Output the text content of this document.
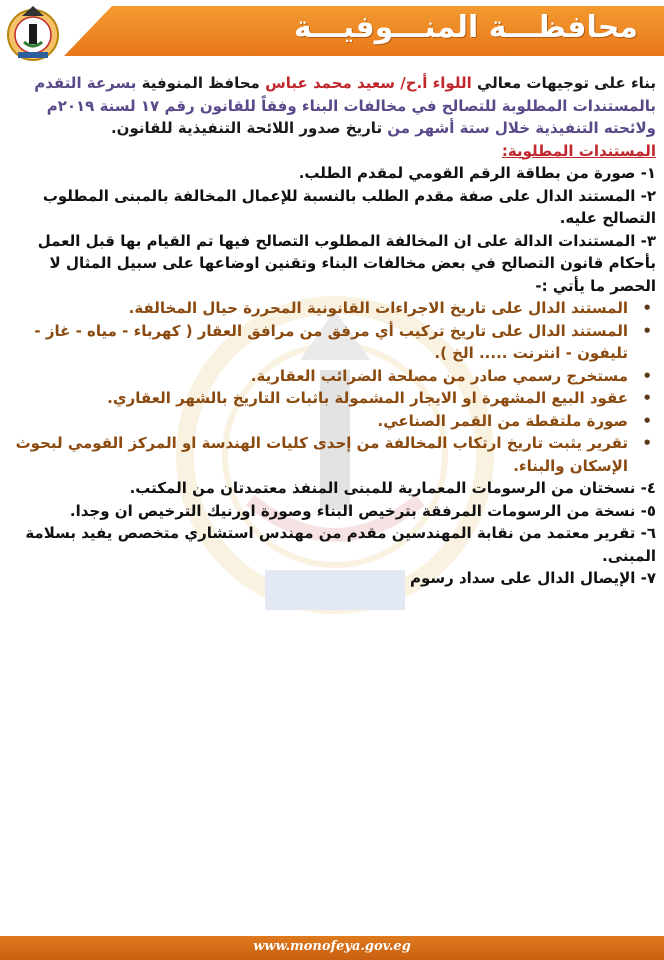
محافظـــة المنـــوفيـــة

بناء على توجيهات معالي اللواء أ.ح/ سعيد محمد عباس محافظ المنوفية بسرعة التقدم بالمستندات المطلوبة للتصالح في مخالفات البناء وفقاً للقانون رقم ١٧ لسنة ٢٠١٩م ولائحته التنفيذية خلال ستة أشهر من تاريخ صدور اللائحة التنفيذية للقانون.

المستندات المطلوبة:

١- صورة من بطاقة الرقم القومي لمقدم الطلب.

٢- المستند الدال على صفة مقدم الطلب بالنسبة للإعمال المخالفة بالمبنى المطلوب التصالح عليه.

٣- المستندات الدالة على ان المخالفة المطلوب التصالح فيها تم القيام بها قبل العمل بأحكام قانون التصالح في بعض مخالفات البناء وتقنين اوضاعها على سبيل المثال لا الحصر ما يأتي :-

• المستند الدال على تاريخ الاجراءات القانونية المحررة حيال المخالفة.
• المستند الدال على تاريخ تركيب أي مرفق من مرافق العقار ( كهرباء - مياه - غاز - تليفون - انترنت ..... الخ ).
• مستخرج رسمي صادر من مصلحة الضرائب العقارية.
• عقود البيع المشهرة او الايجار المشمولة باثبات التاريخ بالشهر العقاري.
• صورة ملتقطة من القمر الصناعي.
• تقرير يثبت تاريخ ارتكاب المخالفة من إحدى كليات الهندسة او المركز القومي لبحوث الإسكان والبناء.

٤- نسختان من الرسومات المعمارية للمبنى المنفذ معتمدتان من المكتب.

٥- نسخة من الرسومات المرفقة بترخيص البناء وصورة اورنيك الترخيص ان وجدا.

٦- تقرير معتمد من نقابة المهندسين مقدم من مهندس استشاري متخصص يفيد بسلامة المبنى.

٧- الإيصال الدال على سداد رسوم

www.monofeya.gov.eg
